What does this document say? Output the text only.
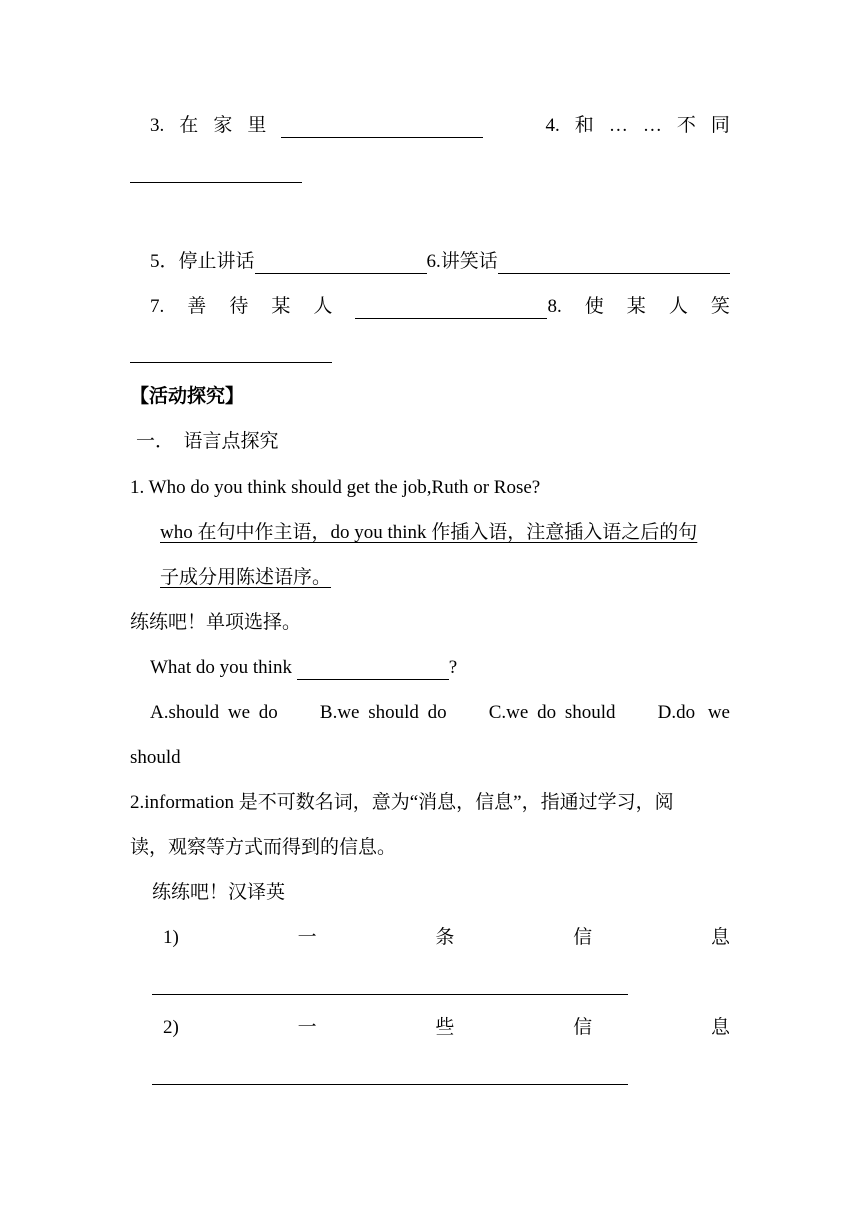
3. 在 家 里	4. 和 … … 不 同
5．停止讲话	6.讲笑话
7. 善 待 某 人	8. 使 某 人 笑
【活动探究】
一．　语言点探究
1. Who do you think should get the job,Ruth or Rose?
who 在句中作主语，do you think 作插入语，注意插入语之后的句
子成分用陈述语序。
练练吧！单项选择。
What do you think	?
A.should we do B.we should do C.we do should D.do we
should
2.information 是不可数名词，意为“消息，信息”，指通过学习，阅
读，观察等方式而得到的信息。
练练吧！汉译英
1)	一	条	信	息
2)	一	些	信	息
